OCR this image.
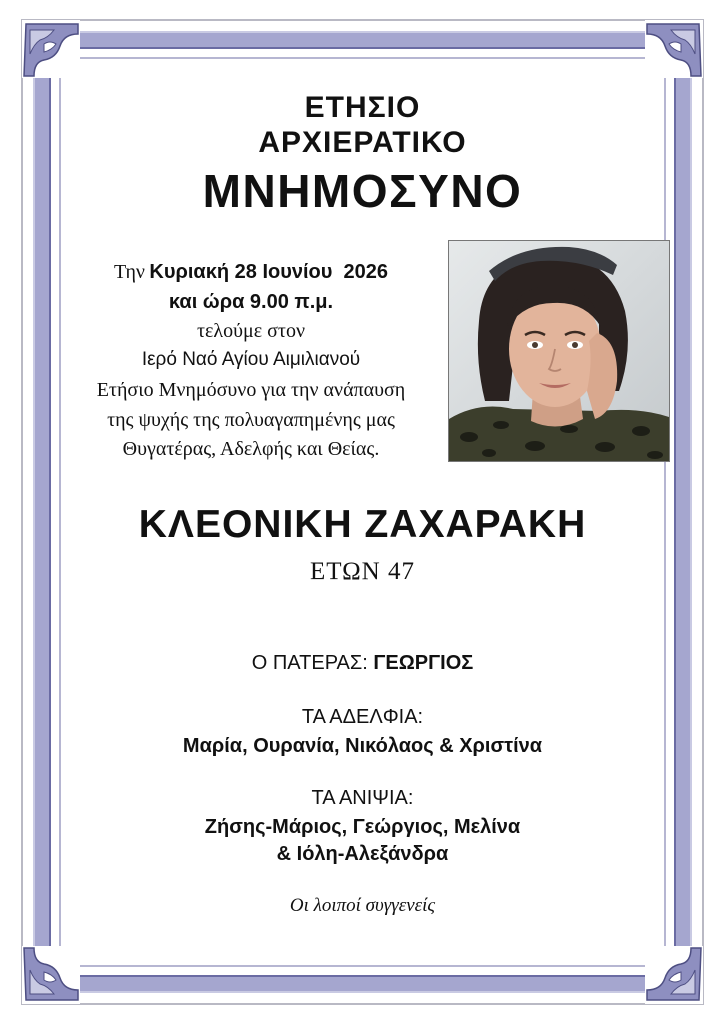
ΕΤΗΣΙΟ
ΑΡΧΙΕΡΑΤΙΚΟ
ΜΝΗΜΟΣΥΝΟ
Την Κυριακή 28 Ιουνίου  2026
και ώρα 9.00 π.μ.
τελούμε στον
Ιερό Ναό Αγίου Αιμιλιανού
Ετήσιο Μνημόσυνο για την ανάπαυση
της ψυχής της πολυαγαπημένης μας
Θυγατέρας, Αδελφής και Θείας.
ΚΛΕΟΝΙΚΗ ΖΑΧΑΡΑΚΗ
ΕΤΩΝ 47
Ο ΠΑΤΕΡΑΣ: ΓΕΩΡΓΙΟΣ
ΤΑ ΑΔΕΛΦΙΑ:
Μαρία, Ουρανία, Νικόλαος & Χριστίνα
ΤΑ ΑΝΙΨΙΑ:
Ζήσης-Μάριος, Γεώργιος, Μελίνα
& Ιόλη-Αλεξάνδρα
Οι λοιποί συγγενείς
